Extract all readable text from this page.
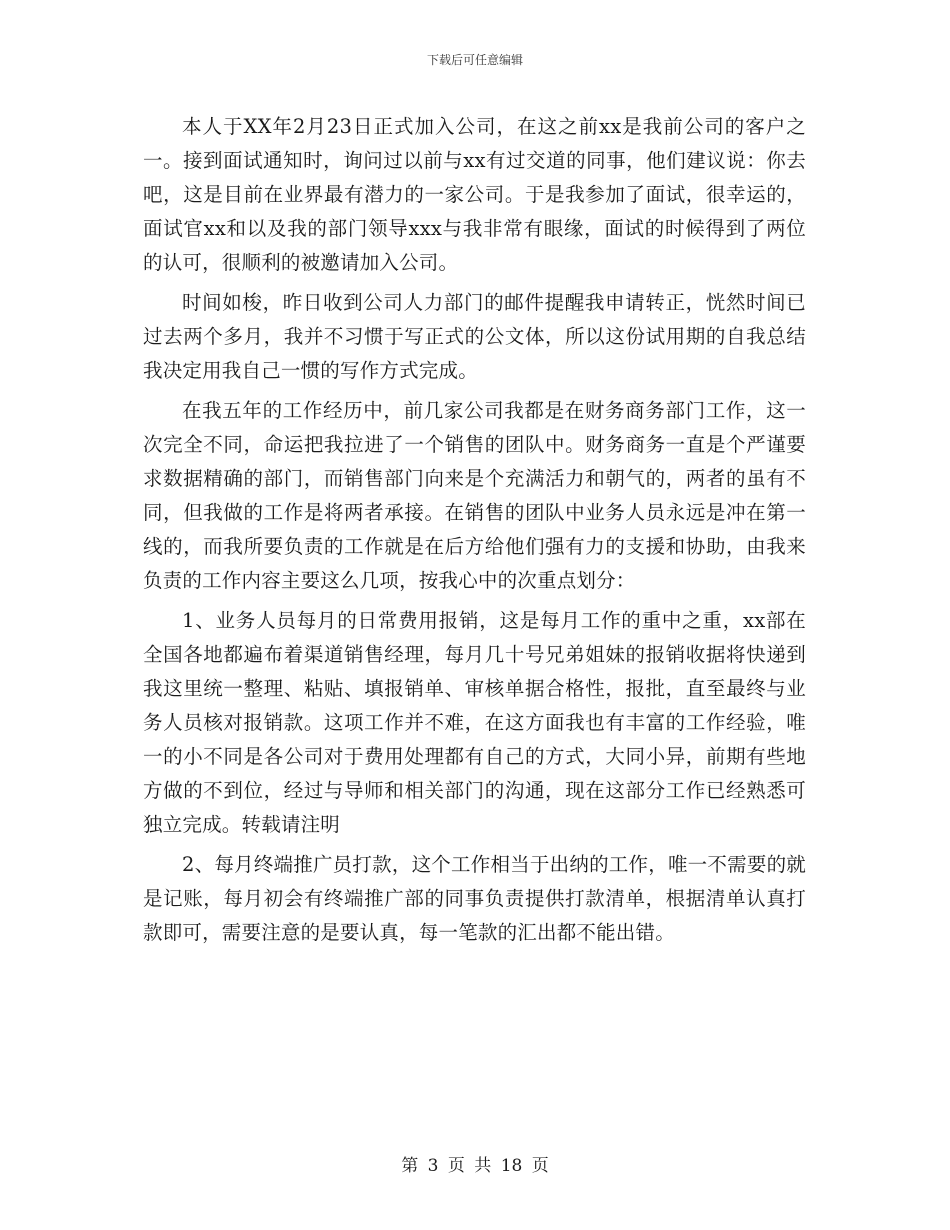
下载后可任意编辑

本人于XX年2月23日正式加入公司，在这之前xx是我前公司的客户之一。接到面试通知时，询问过以前与xx有过交道的同事，他们建议说：你去吧，这是目前在业界最有潜力的一家公司。于是我参加了面试，很幸运的，面试官xx和以及我的部门领导xxx与我非常有眼缘，面试的时候得到了两位的认可，很顺利的被邀请加入公司。

时间如梭，昨日收到公司人力部门的邮件提醒我申请转正，恍然时间已过去两个多月，我并不习惯于写正式的公文体，所以这份试用期的自我总结我决定用我自己一惯的写作方式完成。

在我五年的工作经历中，前几家公司我都是在财务商务部门工作，这一次完全不同，命运把我拉进了一个销售的团队中。财务商务一直是个严谨要求数据精确的部门，而销售部门向来是个充满活力和朝气的，两者的虽有不同，但我做的工作是将两者承接。在销售的团队中业务人员永远是冲在第一线的，而我所要负责的工作就是在后方给他们强有力的支援和协助，由我来负责的工作内容主要这么几项，按我心中的次重点划分：

1、业务人员每月的日常费用报销，这是每月工作的重中之重，xx部在全国各地都遍布着渠道销售经理，每月几十号兄弟姐妹的报销收据将快递到我这里统一整理、粘贴、填报销单、审核单据合格性，报批，直至最终与业务人员核对报销款。这项工作并不难，在这方面我也有丰富的工作经验，唯一的小不同是各公司对于费用处理都有自己的方式，大同小异，前期有些地方做的不到位，经过与导师和相关部门的沟通，现在这部分工作已经熟悉可独立完成。转载请注明

2、每月终端推广员打款，这个工作相当于出纳的工作，唯一不需要的就是记账，每月初会有终端推广部的同事负责提供打款清单，根据清单认真打款即可，需要注意的是要认真，每一笔款的汇出都不能出错。

第 3 页 共 18 页
